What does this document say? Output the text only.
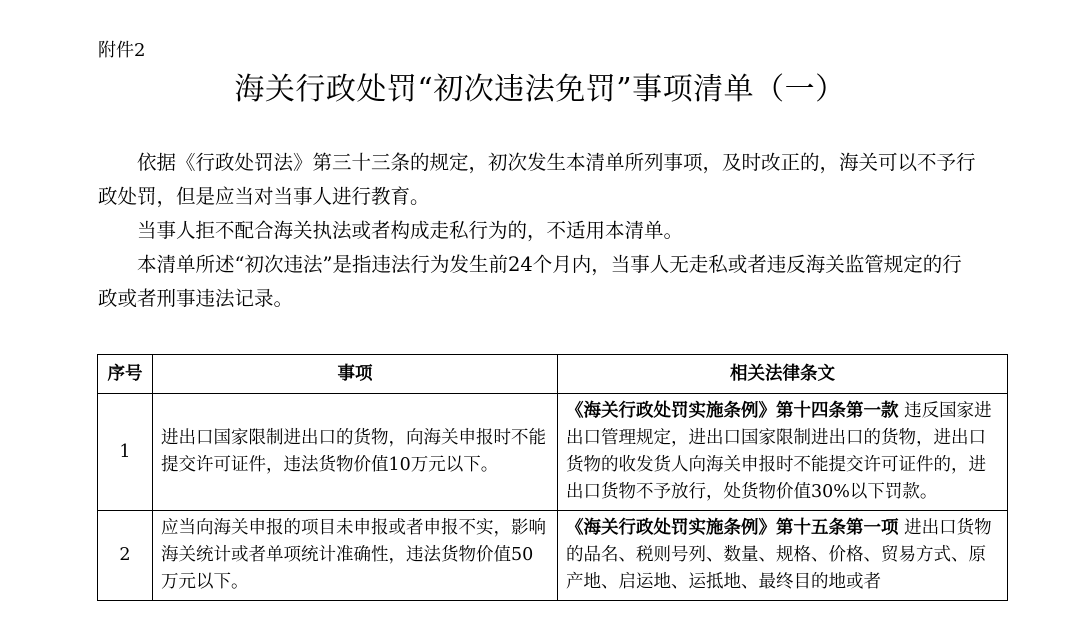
附件2
海关行政处罚“初次违法免罚”事项清单（一）

依据《行政处罚法》第三十三条的规定，初次发生本清单所列事项，及时改正的，海关可以不予行政处罚，但是应当对当事人进行教育。

当事人拒不配合海关执法或者构成走私行为的，不适用本清单。

本清单所述“初次违法”是指违法行为发生前24个月内，当事人无走私或者违反海关监管规定的行政或者刑事违法记录。

序号	事项	相关法律条文
1	进出口国家限制进出口的货物，向海关申报时不能提交许可证件，违法货物价值10万元以下。	《海关行政处罚实施条例》第十四条第一款 违反国家进出口管理规定，进出口国家限制进出口的货物，进出口货物的收发货人向海关申报时不能提交许可证件的，进出口货物不予放行，处货物价值30%以下罚款。
2	应当向海关申报的项目未申报或者申报不实，影响海关统计或者单项统计准确性，违法货物价值50万元以下。	《海关行政处罚实施条例》第十五条第一项 进出口货物的品名、税则号列、数量、规格、价格、贸易方式、原产地、启运地、运抵地、最终目的地或者
